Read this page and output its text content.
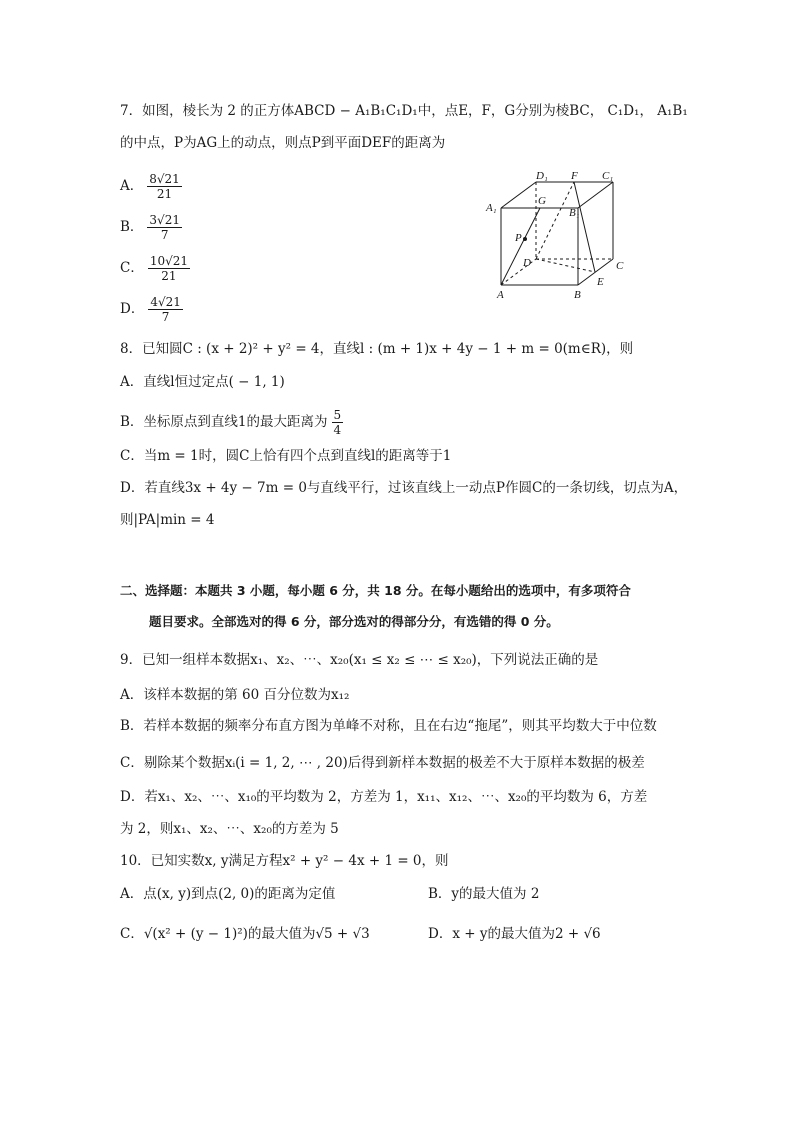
7．如图，棱长为 2 的正方体ABCD − A₁B₁C₁D₁中，点E，F，G分别为棱BC， C₁D₁， A₁B₁
的中点，P为AG上的动点，则点P到平面DEF的距离为
A． $\frac{8√21}{21}$
B． $\frac{3√21}{7}$
C． $\frac{10√21}{21}$
D． $\frac{4√21}{7}$
D₁ F C₁
A₁
G
B₁
P
D	C
A	B
E
8．已知圆C : (x + 2)² + y² = 4，直线l : (m + 1)x + 4y − 1 + m = 0(m∈R)，则
A．直线l恒过定点( − 1, 1)
B．坐标原点到直线1的最大距离为 $\frac{5}{4}$
C．当m = 1时，圆C上恰有四个点到直线l的距离等于1
D．若直线3x + 4y − 7m = 0与直线平行，过该直线上一动点P作圆C的一条切线，切点为A，
则|PA|min = 4
二、选择题：本题共 3 小题，每小题 6 分，共 18 分。在每小题给出的选项中，有多项符合
题目要求。全部选对的得 6 分，部分选对的得部分分，有选错的得 0 分。
9．已知一组样本数据x₁、x₂、⋯、x₂₀(x₁ ≤ x₂ ≤ ⋯ ≤ x₂₀)，下列说法正确的是
A．该样本数据的第 60 百分位数为x₁₂
B．若样本数据的频率分布直方图为单峰不对称，且在右边“拖尾”，则其平均数大于中位数
C．剔除某个数据xᵢ(i = 1, 2, ⋯ , 20)后得到新样本数据的极差不大于原样本数据的极差
D．若x₁、x₂、⋯、x₁₀的平均数为 2，方差为 1，x₁₁、x₁₂、⋯、x₂₀的平均数为 6，方差
为 2，则x₁、x₂、⋯、x₂₀的方差为 5
10．已知实数x, y满足方程x² + y² − 4x + 1 = 0，则
A．点(x, y)到点(2, 0)的距离为定值	B．y的最大值为 2
C．√(x² + (y − 1)²)的最大值为√5 + √3	D．x + y的最大值为2 + √6
